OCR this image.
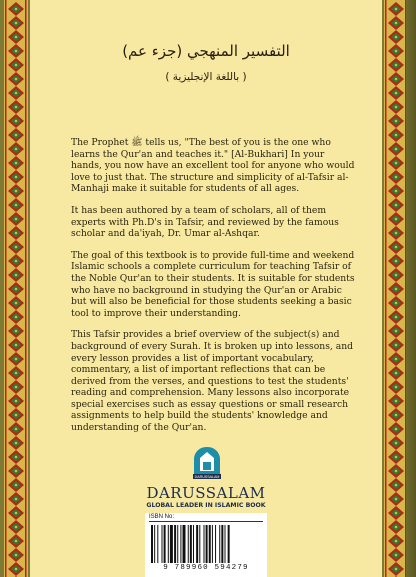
التفسير المنهجي (جزء عم)
( باللغة الإنجليزية )

The Prophet ﷺ tells us, "The best of you is the one who learns the Qur'an and teaches it." [Al-Bukhari] In your hands, you now have an excellent tool for anyone who would love to just that. The structure and simplicity of al-Tafsir al-Manhaji make it suitable for students of all ages.

It has been authored by a team of scholars, all of them experts with Ph.D's in Tafsir, and reviewed by the famous scholar and da'iyah, Dr. Umar al-Ashqar.

The goal of this textbook is to provide full-time and weekend Islamic schools a complete curriculum for teaching Tafsir of the Noble Qur'an to their students. It is suitable for students who have no background in studying the Qur'an or Arabic but will also be beneficial for those students seeking a basic tool to improve their understanding.

This Tafsir provides a brief overview of the subject(s) and background of every Surah. It is broken up into lessons, and every lesson provides a list of important vocabulary, commentary, a list of important reflections that can be derived from the verses, and questions to test the students' reading and comprehension. Many lessons also incorporate special exercises such as essay questions or small research assignments to help build the students' knowledge and understanding of the Qur'an.

DARUSSALAM
DARUSSALAM
GLOBAL LEADER IN ISLAMIC BOOK
ISBN No:
9 789960 594279
